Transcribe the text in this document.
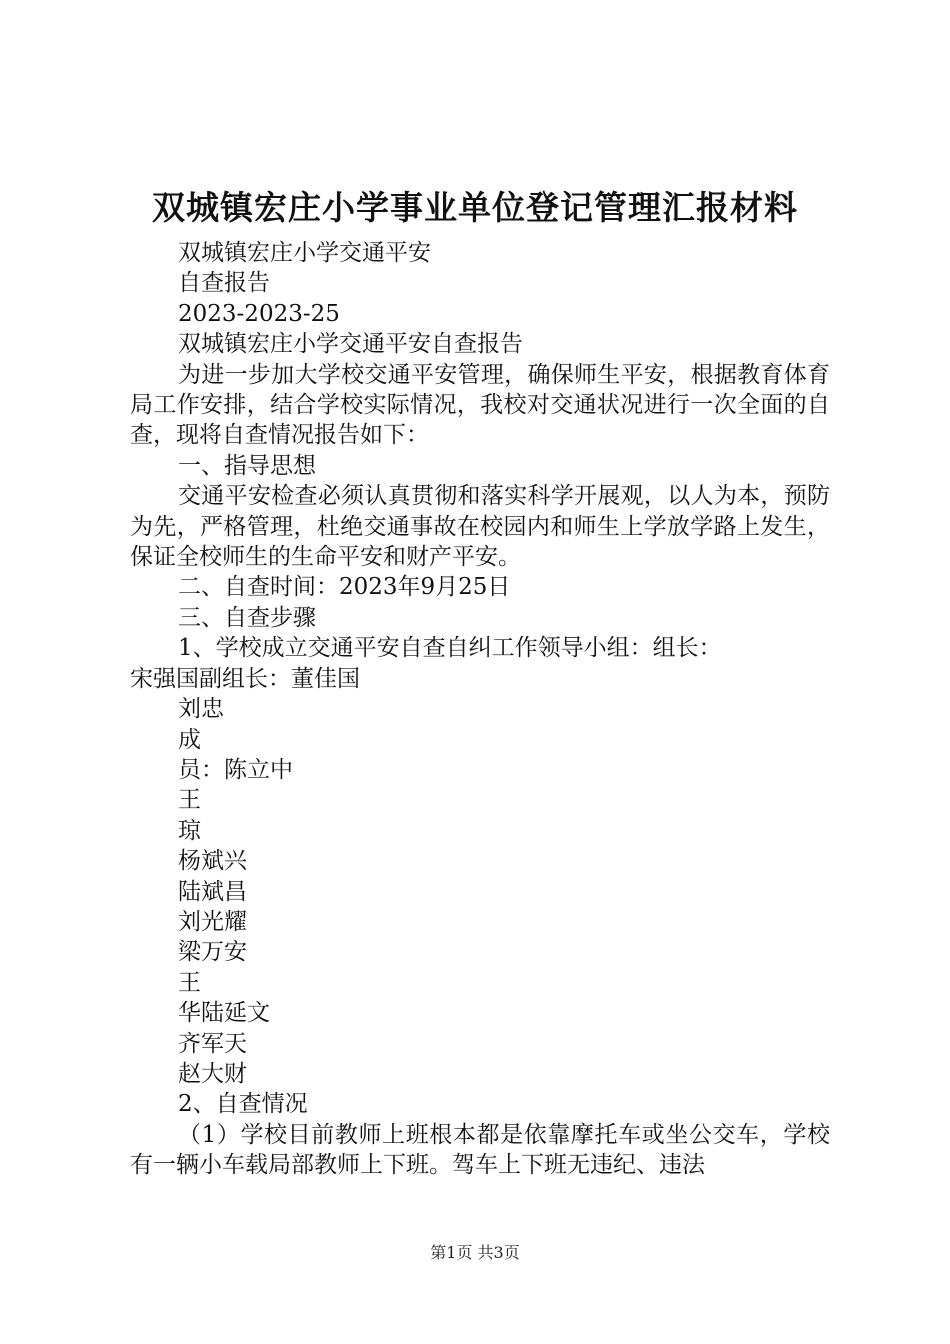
双城镇宏庄小学事业单位登记管理汇报材料

双城镇宏庄小学交通平安

自查报告

2023-2023-25

双城镇宏庄小学交通平安自查报告

为进一步加大学校交通平安管理，确保师生平安，根据教育体育局工作安排，结合学校实际情况，我校对交通状况进行一次全面的自查，现将自查情况报告如下：

一、指导思想

交通平安检查必须认真贯彻和落实科学开展观，以人为本，预防为先，严格管理，杜绝交通事故在校园内和师生上学放学路上发生，保证全校师生的生命平安和财产平安。

二、自查时间：2023年9月25日

三、自查步骤

1、学校成立交通平安自查自纠工作领导小组：组长：宋强国副组长：董佳国

刘忠

成

员：陈立中

王

琼

杨斌兴

陆斌昌

刘光耀

梁万安

王

华陆延文

齐军天

赵大财

2、自查情况

（1）学校目前教师上班根本都是依靠摩托车或坐公交车，学校有一辆小车载局部教师上下班。驾车上下班无违纪、违法

第1页 共3页
